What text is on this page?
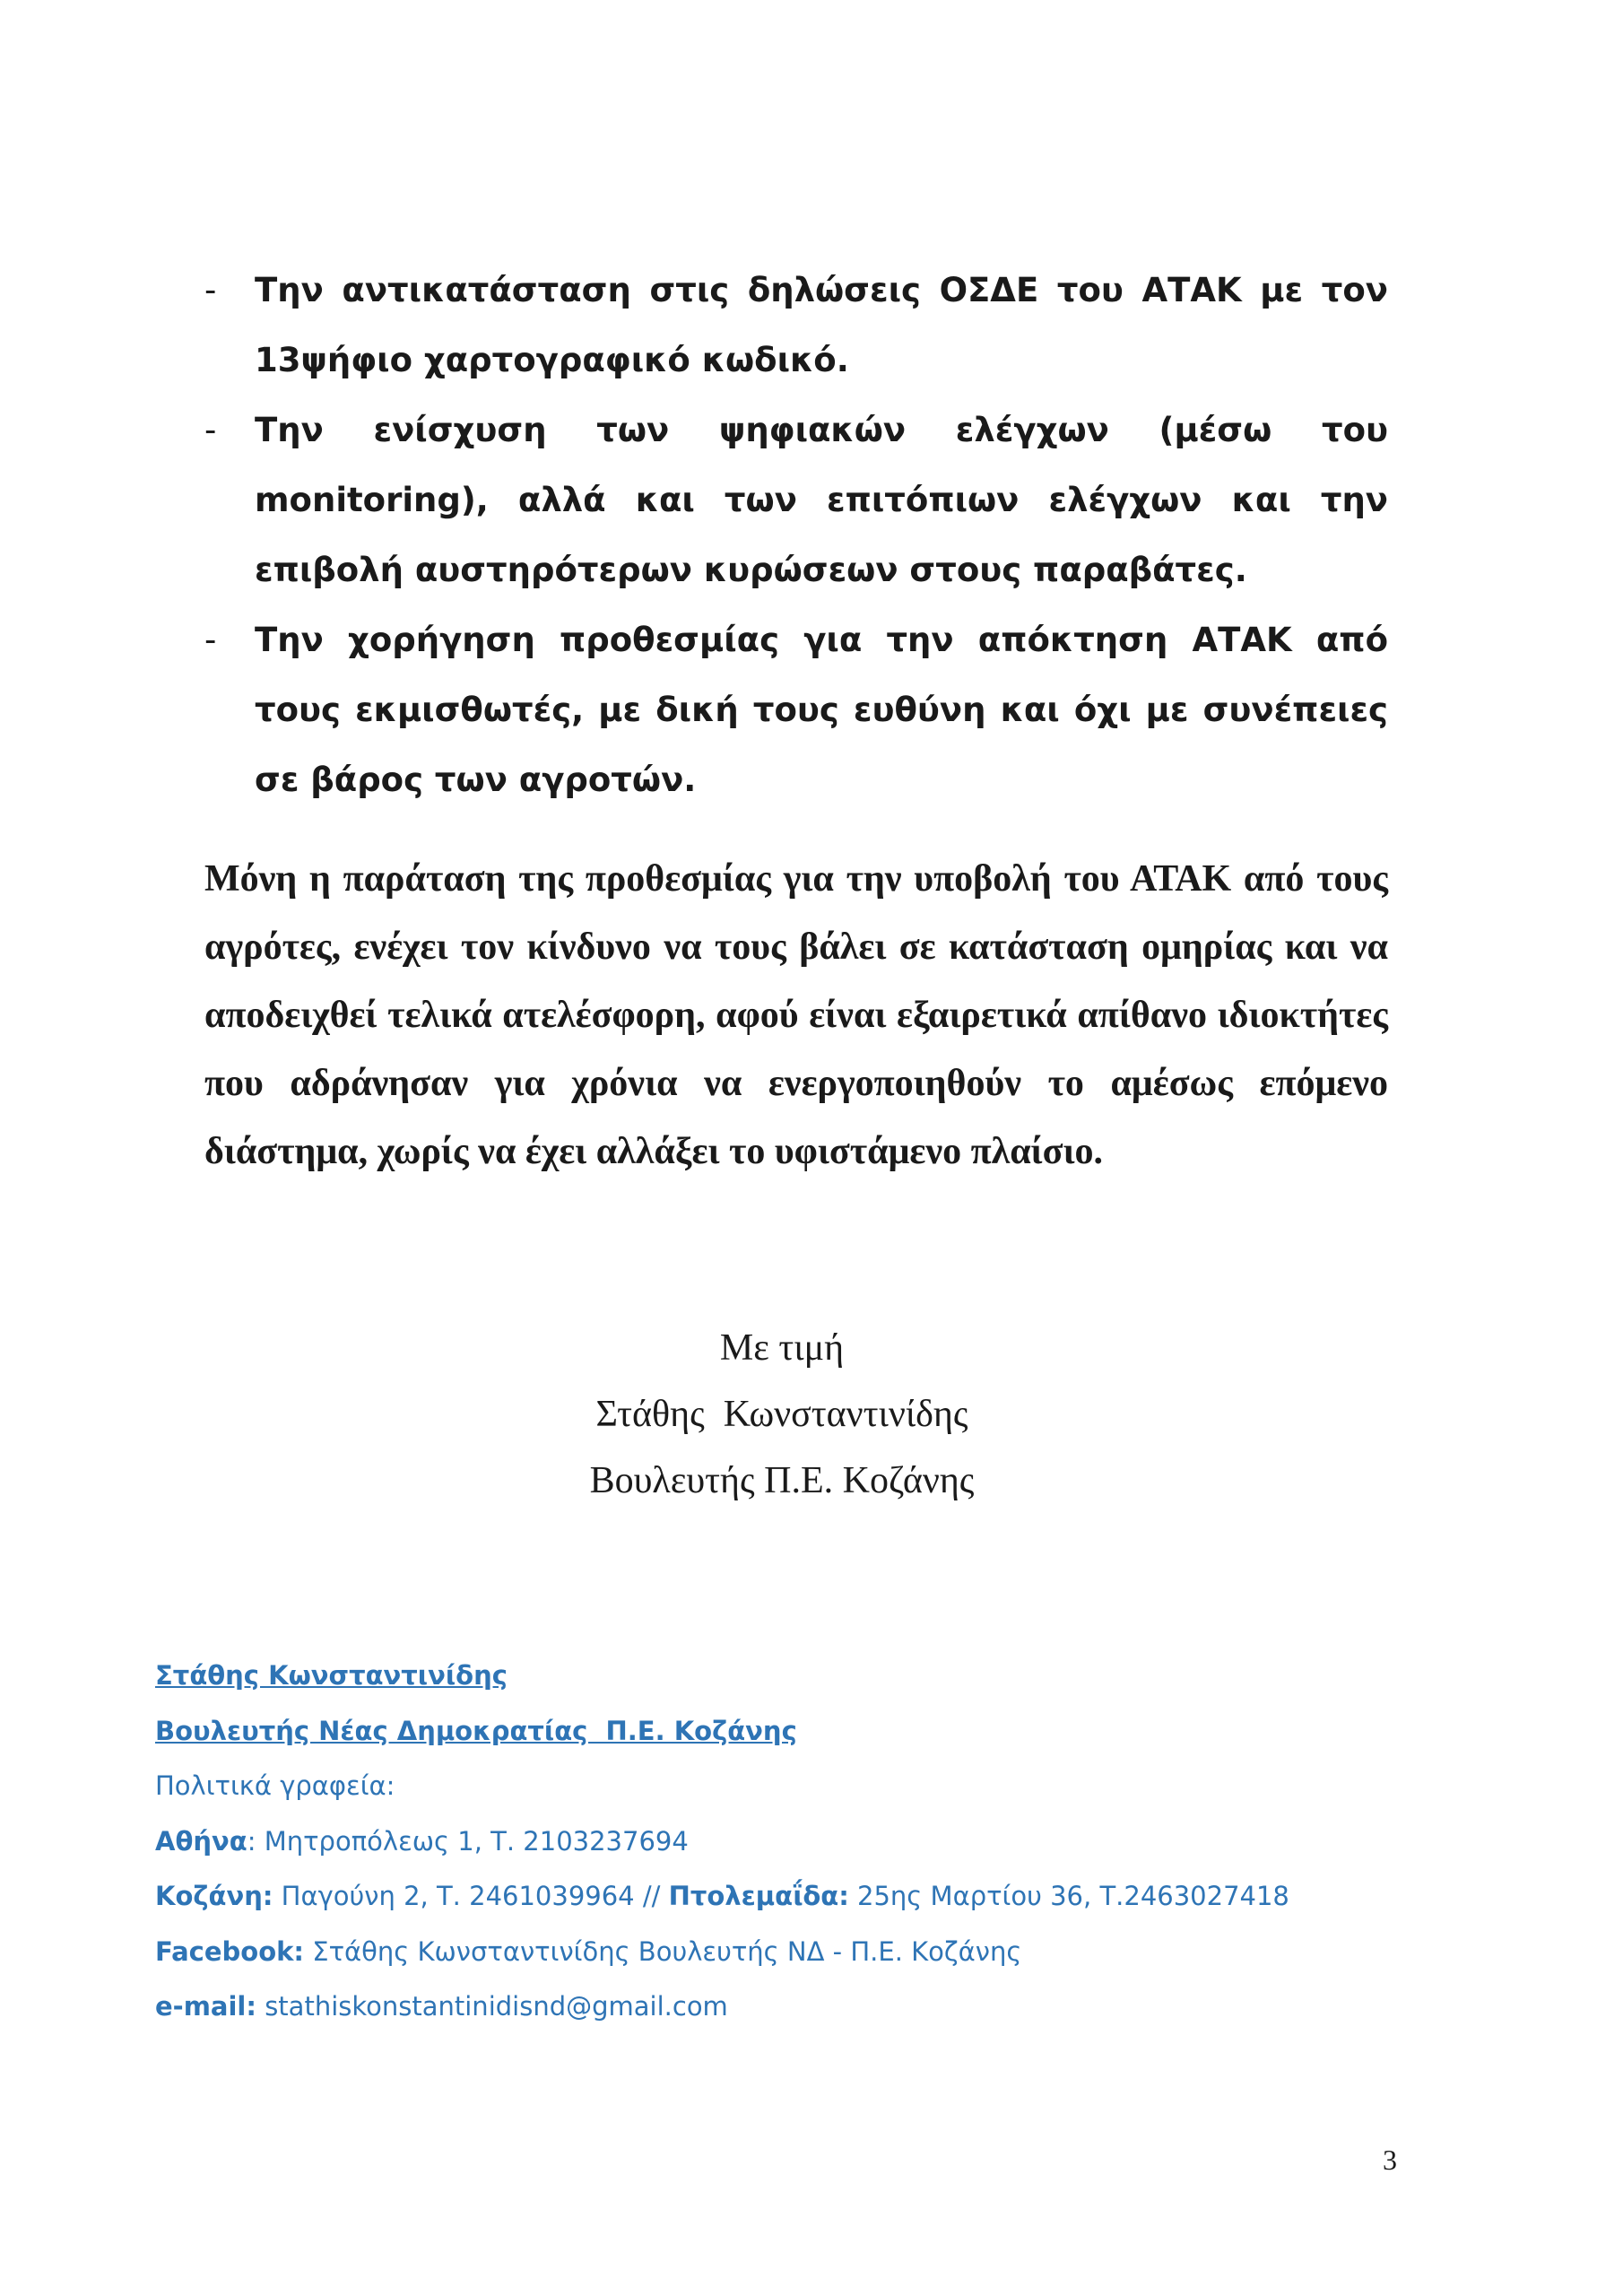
-	Την αντικατάσταση στις δηλώσεις ΟΣΔΕ του ΑΤΑΚ με τον 13ψήφιο χαρτογραφικό κωδικό.
-	Την ενίσχυση των ψηφιακών ελέγχων (μέσω του monitoring), αλλά και των επιτόπιων ελέγχων και την επιβολή αυστηρότερων κυρώσεων στους παραβάτες.
-	Την χορήγηση προθεσμίας για την απόκτηση ΑΤΑΚ από τους εκμισθωτές, με δική τους ευθύνη και όχι με συνέπειες σε βάρος των αγροτών.

Μόνη η παράταση της προθεσμίας για την υποβολή του ΑΤΑΚ από τους αγρότες, ενέχει τον κίνδυνο να τους βάλει σε κατάσταση ομηρίας και να αποδειχθεί τελικά ατελέσφορη, αφού είναι εξαιρετικά απίθανο ιδιοκτήτες που αδράνησαν για χρόνια να ενεργοποιηθούν το αμέσως επόμενο διάστημα, χωρίς να έχει αλλάξει το υφιστάμενο πλαίσιο.

Με τιμή
Στάθης  Κωνσταντινίδης
Βουλευτής Π.Ε. Κοζάνης
Στάθης Κωνσταντινίδης
Βουλευτής Νέας Δημοκρατίας  Π.Ε. Κοζάνης
Πολιτικά γραφεία:
Αθήνα: Μητροπόλεως 1, Τ. 2103237694
Κοζάνη: Παγούνη 2, Τ. 2461039964 // Πτολεμαΐδα: 25ης Μαρτίου 36, Τ.2463027418
Facebook: Στάθης Κωνσταντινίδης Βουλευτής ΝΔ - Π.Ε. Κοζάνης
e-mail: stathiskonstantinidisnd@gmail.com
3
